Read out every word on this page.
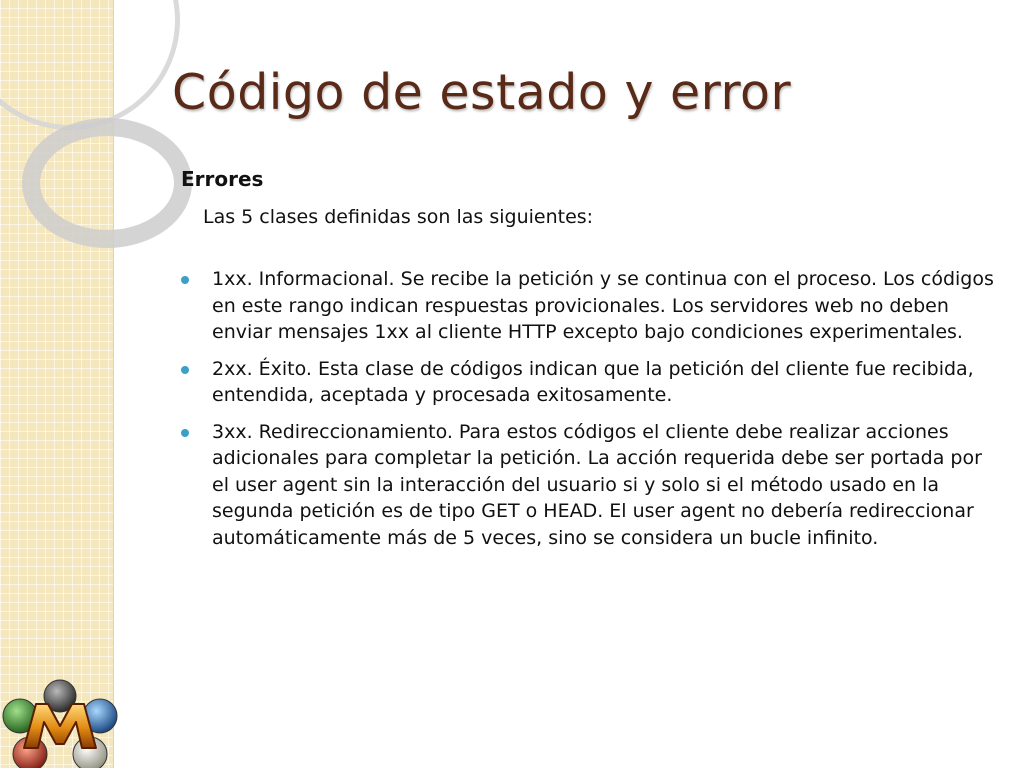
Código de estado y error
Errores
Las 5 clases definidas son las siguientes:
1xx. Informacional. Se recibe la petición y se continua con el proceso. Los códigos en este rango indican respuestas provicionales. Los servidores web no deben enviar mensajes 1xx al cliente HTTP excepto bajo condiciones experimentales.
2xx. Éxito. Esta clase de códigos indican que la petición del cliente fue recibida, entendida, aceptada y procesada exitosamente.
3xx. Redireccionamiento. Para estos códigos el cliente debe realizar acciones adicionales para completar la petición. La acción requerida debe ser portada por el user agent sin la interacción del usuario si y solo si el método usado en la segunda petición es de tipo GET o HEAD. El user agent no debería redireccionar automáticamente más de 5 veces, sino se considera un bucle infinito.
